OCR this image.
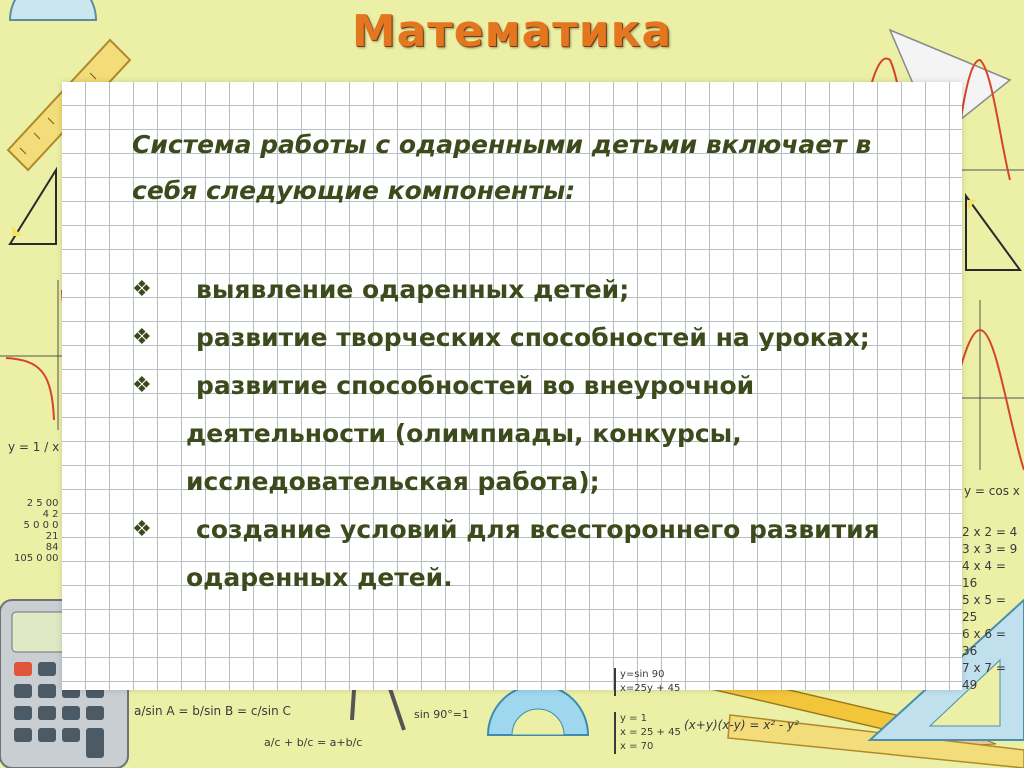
y = 1 / x
y = cos x
2 x 2 = 4
3 x 3 = 9
4 x 4 = 16
5 x 5 = 25
6 x 6 = 36
7 x 7 = 49
2 5 00
4 2
5 0 0 0
21
84
105 0 00
a/sin A = b/sin B = c/sin C
a/c + b/c = a+b/c
sin 90°=1
y=sin 90
x=25y + 45
y = 1
x = 25 + 45
x = 70
(x+y)(x-y) = x² - y²
Математика

Система работы с одаренными детьми включает в себя следующие компоненты:

❖	выявление одаренных детей;
❖	развитие творческих способностей на уроках;
❖	развитие способностей во внеурочной деятельности (олимпиады, конкурсы, исследовательская работа);
❖	создание условий для всестороннего развития одаренных детей.
